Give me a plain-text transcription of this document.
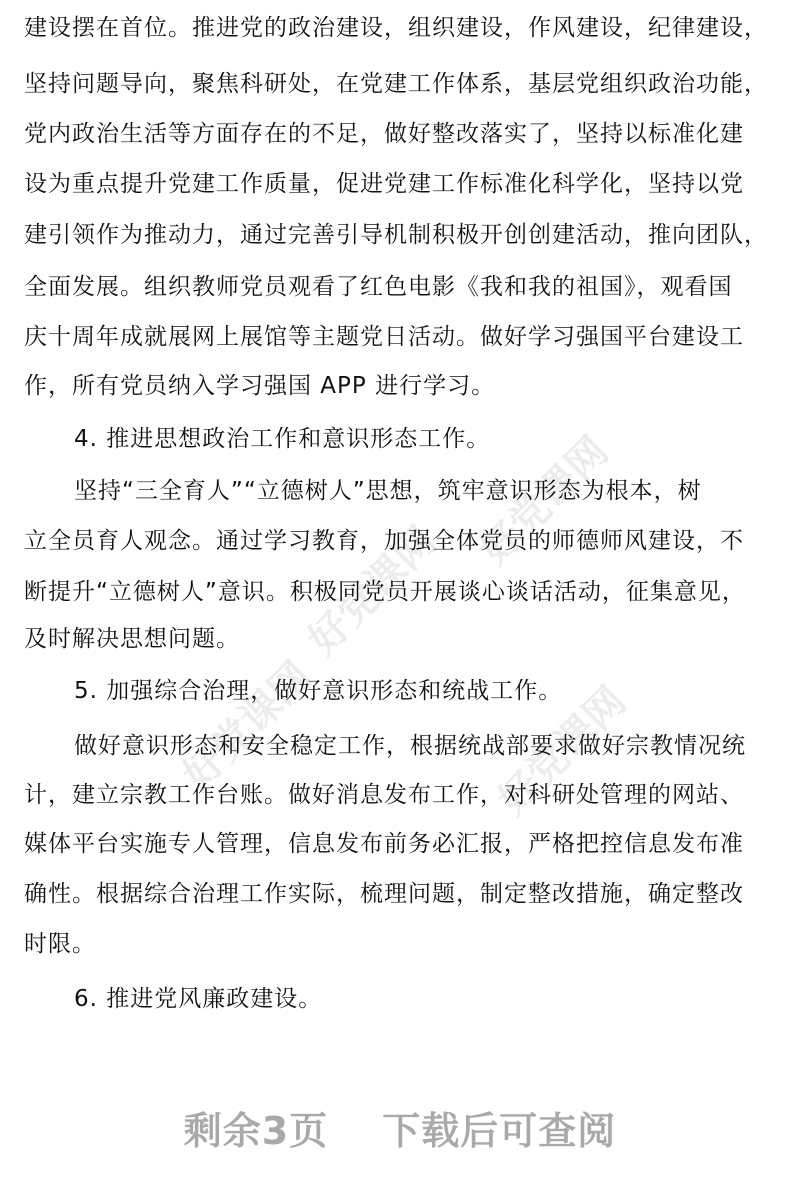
好党课网
好党课网
好党课网	好党课网
建设摆在首位。推进党的政治建设，组织建设，作风建设，纪律建设，
坚持问题导向，聚焦科研处，在党建工作体系，基层党组织政治功能，
党内政治生活等方面存在的不足，做好整改落实了，坚持以标准化建
设为重点提升党建工作质量，促进党建工作标准化科学化，坚持以党
建引领作为推动力，通过完善引导机制积极开创创建活动，推向团队，
全面发展。组织教师党员观看了红色电影《我和我的祖国》，观看国
庆十周年成就展网上展馆等主题党日活动。做好学习强国平台建设工
作，所有党员纳入学习强国 APP 进行学习。
4. 推进思想政治工作和意识形态工作。
坚持“三全育人”“立德树人”思想，筑牢意识形态为根本，树
立全员育人观念。通过学习教育，加强全体党员的师德师风建设，不
断提升“立德树人”意识。积极同党员开展谈心谈话活动，征集意见，
及时解决思想问题。
5. 加强综合治理，做好意识形态和统战工作。
做好意识形态和安全稳定工作，根据统战部要求做好宗教情况统
计，建立宗教工作台账。做好消息发布工作，对科研处管理的网站、
媒体平台实施专人管理，信息发布前务必汇报，严格把控信息发布准
确性。根据综合治理工作实际，梳理问题，制定整改措施，确定整改
时限。
6. 推进党风廉政建设。
剩余3页 下载后可查阅
